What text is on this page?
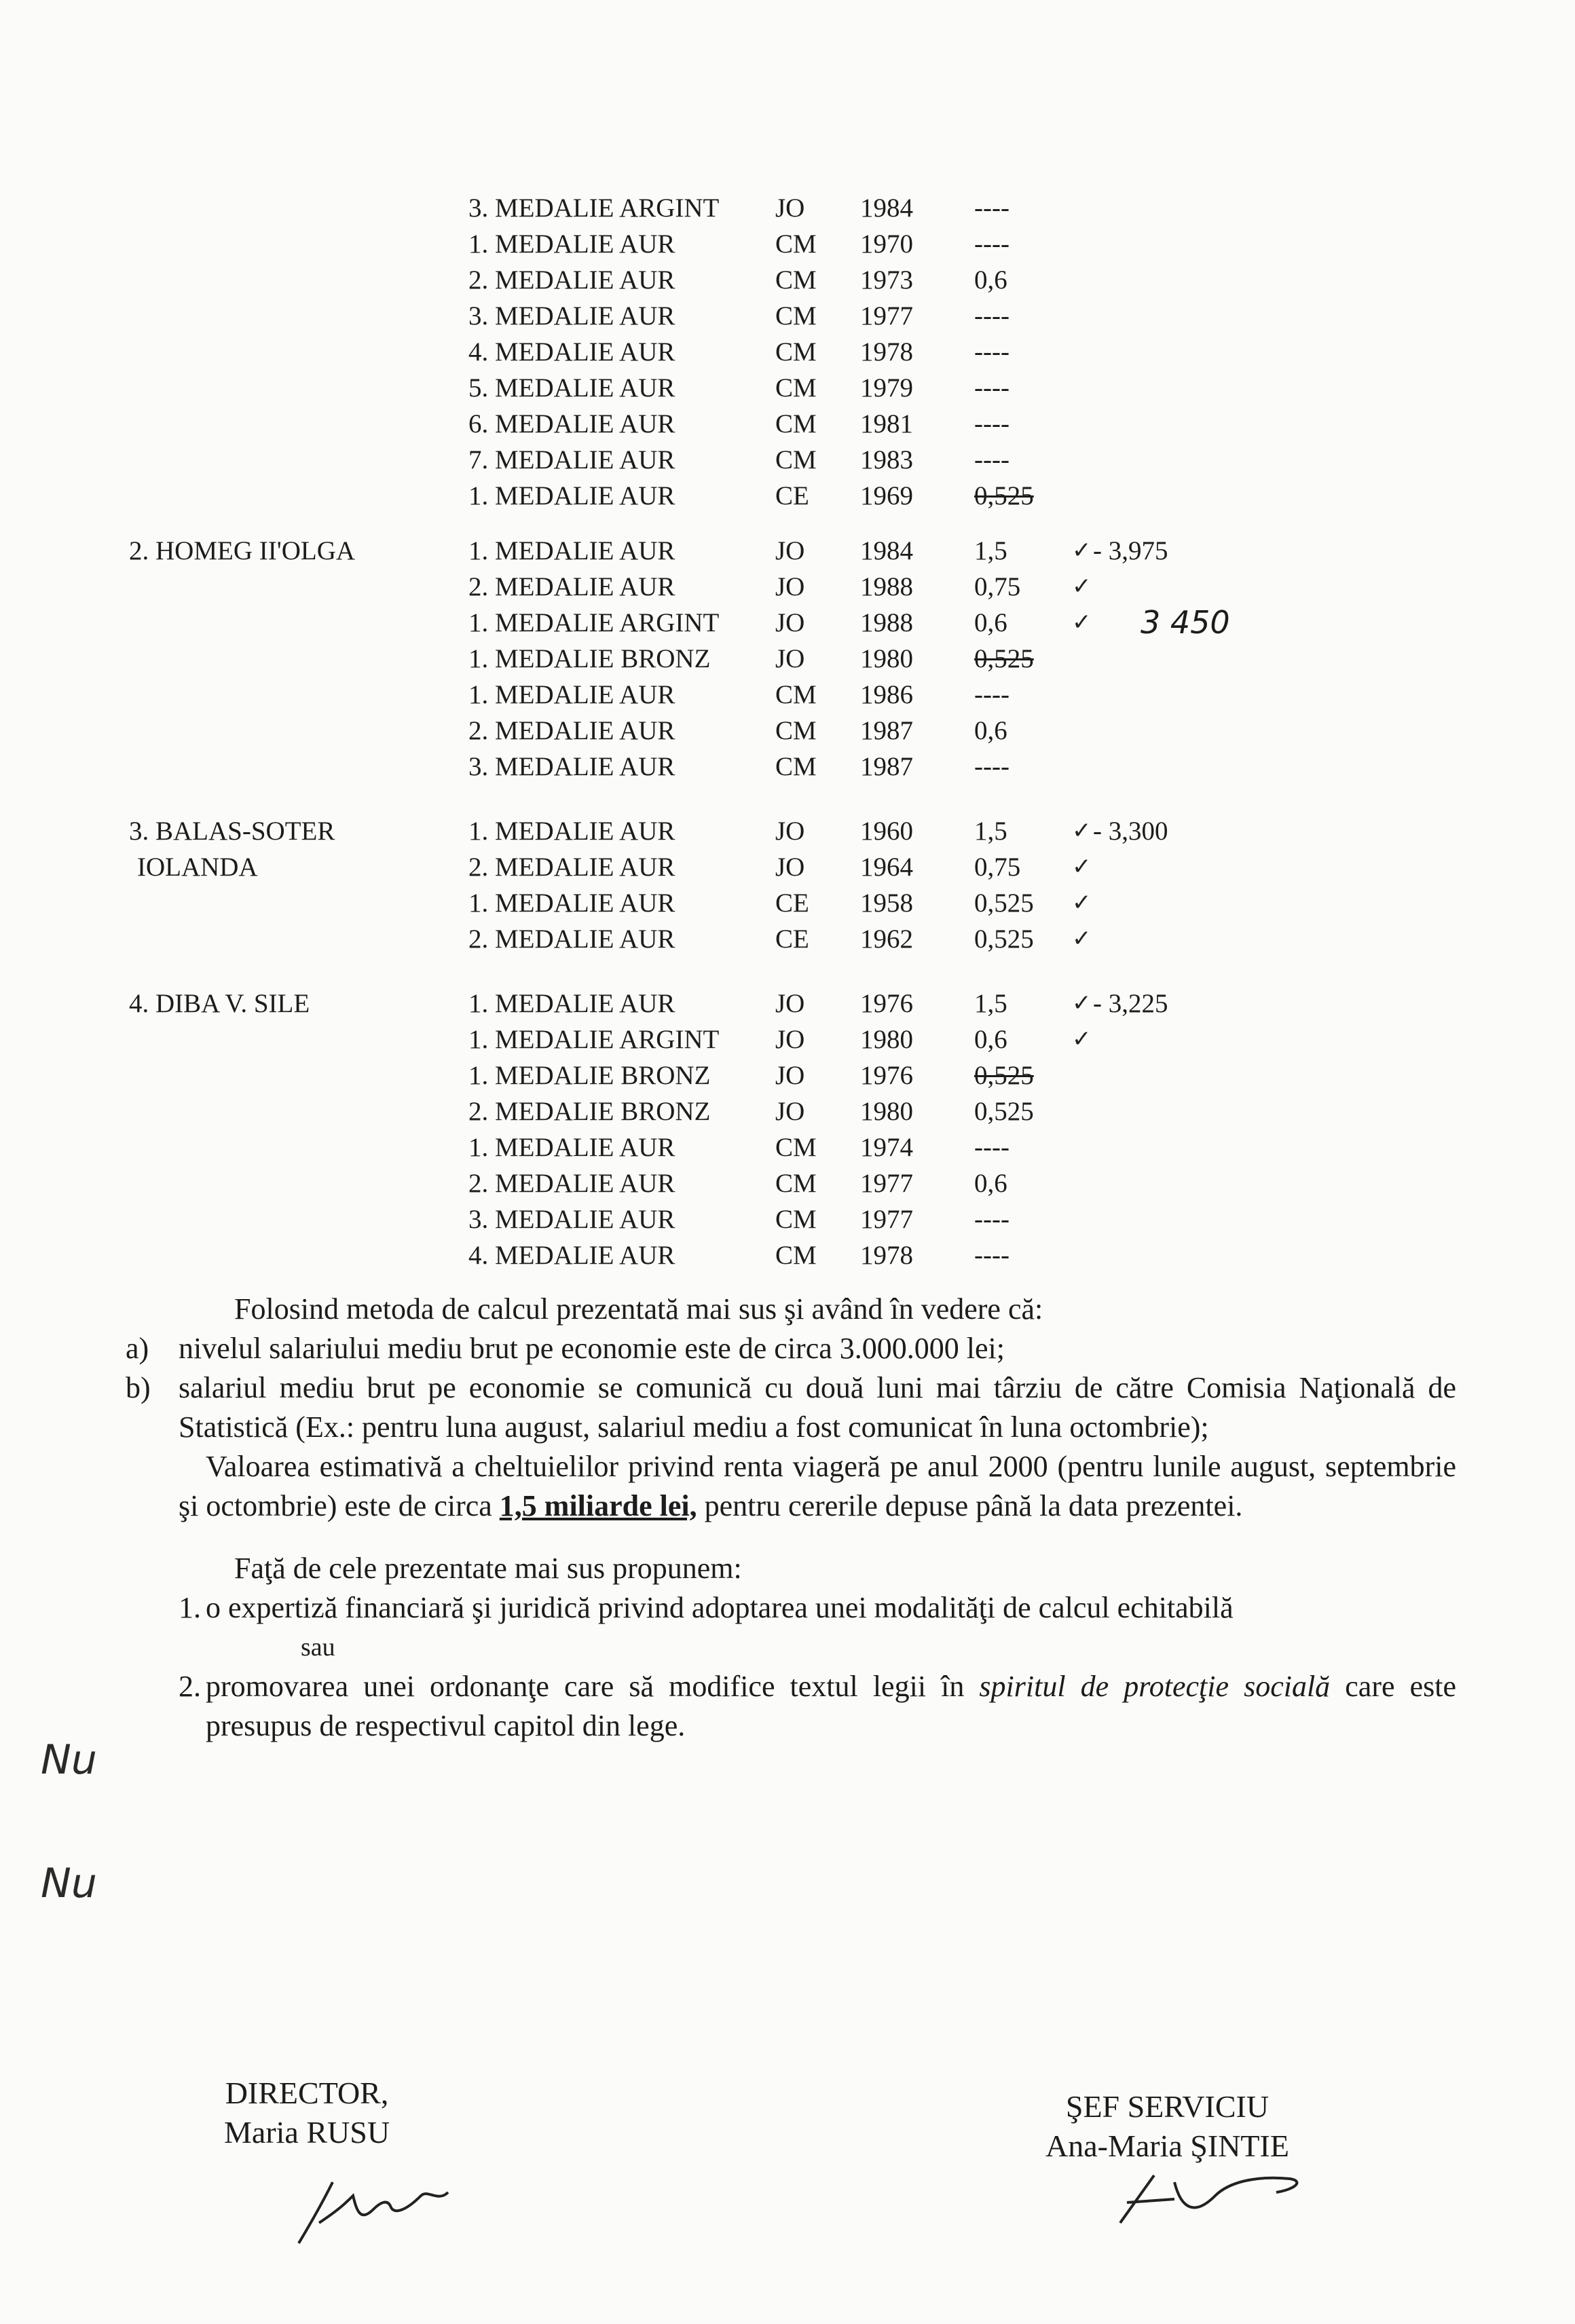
3. MEDALIE ARGINT JO 1984 ----
1. MEDALIE AUR	CM 1970 ----
2. MEDALIE AUR	CM 1973 0,6
3. MEDALIE AUR	CM 1977 ----
4. MEDALIE AUR	CM 1978 ----
5. MEDALIE AUR	CM 1979 ----
6. MEDALIE AUR	CM 1981 ----
7. MEDALIE AUR	CM 1983 ----
1. MEDALIE AUR	CE 1969 0,525
2. HOMEG II'OLGA	1. MEDALIE AUR	JO 1984 1,5	✓ - 3,975
2. MEDALIE AUR	JO 1988 0,75 ✓
1. MEDALIE ARGINT JO 1988 0,6	✓ 3 450
1. MEDALIE BRONZ JO 1980 0,525
1. MEDALIE AUR	CM 1986 ----
2. MEDALIE AUR	CM 1987 0,6
3. MEDALIE AUR	CM 1987 ----
3. BALAS-SOTER	1. MEDALIE AUR	JO 1960 1,5	✓ - 3,300
IOLANDA	2. MEDALIE AUR	JO 1964 0,75 ✓
1. MEDALIE AUR	CE 1958 0,525 ✓
2. MEDALIE AUR	CE 1962 0,525 ✓
4. DIBA V. SILE	1. MEDALIE AUR	JO 1976 1,5	✓ - 3,225
1. MEDALIE ARGINT JO 1980 0,6	✓
1. MEDALIE BRONZ JO 1976 0,525
2. MEDALIE BRONZ JO 1980 0,525
1. MEDALIE AUR	CM 1974 ----
2. MEDALIE AUR	CM 1977 0,6
3. MEDALIE AUR	CM 1977 ----
4. MEDALIE AUR	CM 1978 ----
Folosind metoda de calcul prezentată mai sus şi având în vedere că:
a) nivelul salariului mediu brut pe economie este de circa 3.000.000 lei;
b) salariul mediu brut pe economie se comunică cu două luni mai târziu de către Comisia Naţională de Statistică (Ex.: pentru luna august, salariul mediu a fost comunicat în luna octombrie);
Valoarea estimativă a cheltuielilor privind renta viageră pe anul 2000 (pentru lunile august, septembrie şi octombrie) este de circa 1,5 miliarde lei, pentru cererile depuse până la data prezentei.
Faţă de cele prezentate mai sus propunem:
1. o expertiză financiară şi juridică privind adoptarea unei modalităţi de calcul echitabilă
sau
2. promovarea unei ordonanţe care să modifice textul legii în spiritul de protecţie socială care este presupus de respectivul capitol din lege.
Nu
Nu
DIRECTOR,
Maria RUSU
ŞEF SERVICIU
Ana-Maria ŞINTIE
